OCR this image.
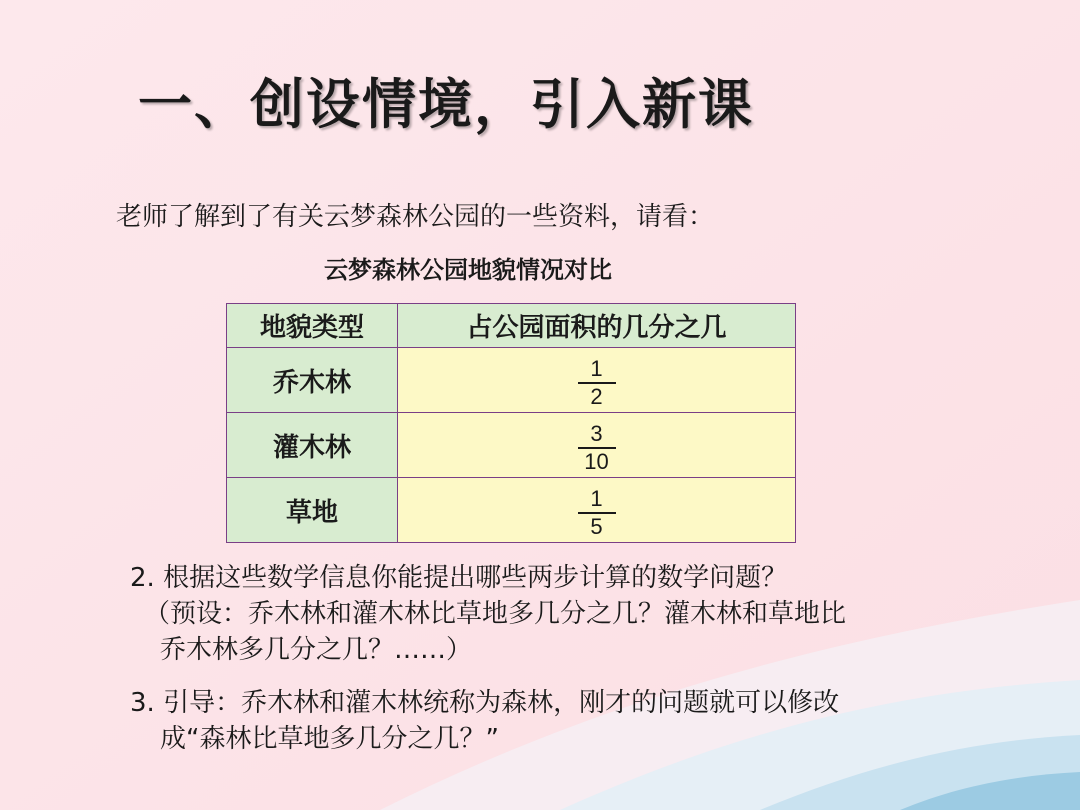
一、创设情境，引入新课
老师了解到了有关云梦森林公园的一些资料，请看：
云梦森林公园地貌情况对比
地貌类型	占公园面积的几分之几
乔木林	$\frac{1}{2}$

灌木林	$\frac{3}{10}$

草地	$\frac{1}{5}$
2. 根据这些数学信息你能提出哪些两步计算的数学问题？
（预设：乔木林和灌木林比草地多几分之几？灌木林和草地比
乔木林多几分之几？……）
3. 引导：乔木林和灌木林统称为森林，刚才的问题就可以修改
成“森林比草地多几分之几？”
